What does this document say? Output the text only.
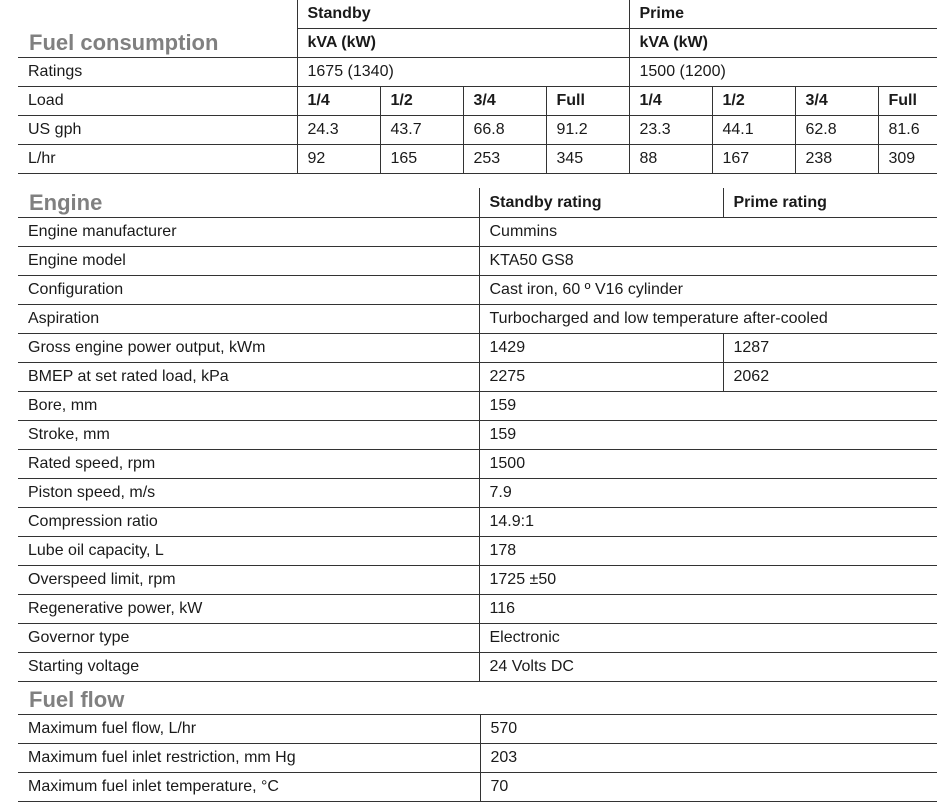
Fuel consumption	Standby				Prime			
	kVA (kW)				kVA (kW)			
Ratings	1675 (1340)				1500 (1200)			
Load	1/4	1/2	3/4	Full	1/4	1/2	3/4	Full
US gph	24.3	43.7	66.8	91.2	23.3	44.1	62.8	81.6
L/hr	92	165	253	345	88	167	238	309
Engine	Standby rating	Prime rating
Engine manufacturer	Cummins	
Engine model	KTA50 GS8	
Configuration	Cast iron, 60 º V16 cylinder	
Aspiration	Turbocharged and low temperature after-cooled	
Gross engine power output, kWm	1429	1287
BMEP at set rated load, kPa	2275	2062
Bore, mm	159	
Stroke, mm	159	
Rated speed, rpm	1500	
Piston speed, m/s	7.9	
Compression ratio	14.9:1	
Lube oil capacity, L	178	
Overspeed limit, rpm	1725 ±50	
Regenerative power, kW	116	
Governor type	Electronic	
Starting voltage	24 Volts DC	
Fuel flow	
Maximum fuel flow, L/hr	570
Maximum fuel inlet restriction, mm Hg	203
Maximum fuel inlet temperature, °C	70
